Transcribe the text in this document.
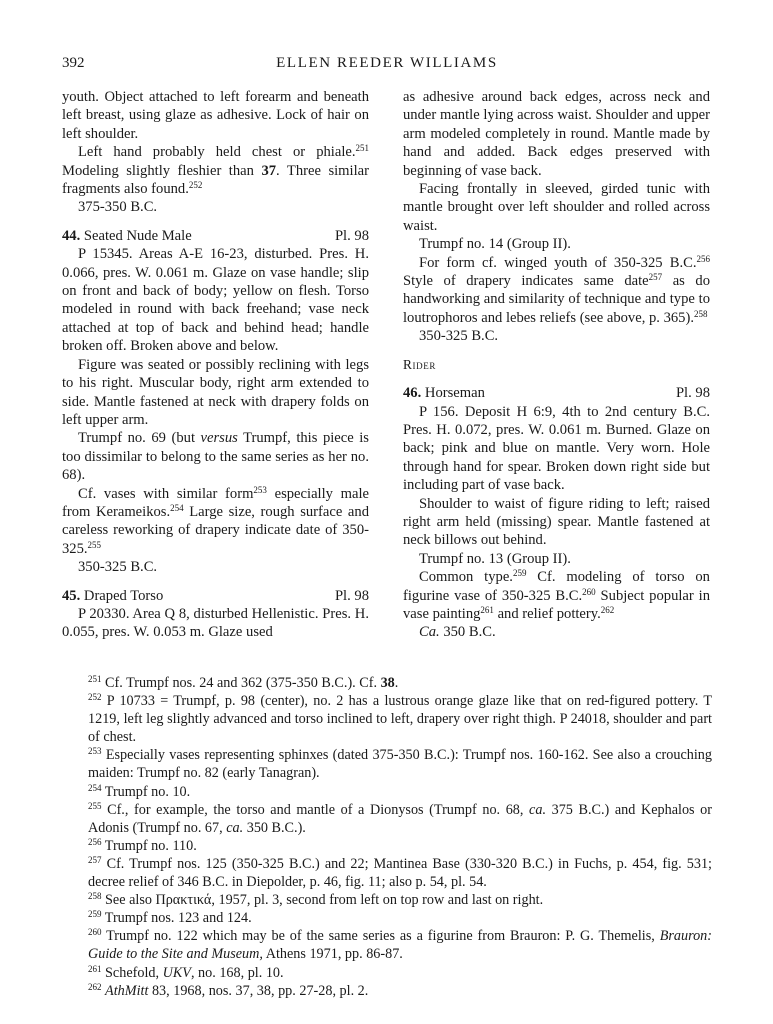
392	ELLEN REEDER WILLIAMS

youth. Object attached to left forearm and beneath left breast, using glaze as adhesive. Lock of hair on left shoulder.

Left hand probably held chest or phiale.$^{251}$ Modeling slightly fleshier than 37. Three similar fragments also found.$^{252}$

375-350 B.C.

44. Seated Nude Male	Pl. 98

P 15345. Areas A-E 16-23, disturbed. Pres. H. 0.066, pres. W. 0.061 m. Glaze on vase handle; slip on front and back of body; yellow on flesh. Torso modeled in round with back freehand; vase neck attached at top of back and behind head; handle broken off. Broken above and below.

Figure was seated or possibly reclining with legs to his right. Muscular body, right arm extended to side. Mantle fastened at neck with drapery folds on left upper arm.

Trumpf no. 69 (but versus Trumpf, this piece is too dissimilar to belong to the same series as her no. 68).

Cf. vases with similar form$^{253}$ especially male from Kerameikos.$^{254}$ Large size, rough surface and careless reworking of drapery indicate date of 350-325.$^{255}$

350-325 B.C.

45. Draped Torso	Pl. 98

P 20330. Area Q 8, disturbed Hellenistic. Pres. H. 0.055, pres. W. 0.053 m. Glaze used

as adhesive around back edges, across neck and under mantle lying across waist. Shoulder and upper arm modeled completely in round. Mantle made by hand and added. Back edges preserved with beginning of vase back.

Facing frontally in sleeved, girded tunic with mantle brought over left shoulder and rolled across waist.

Trumpf no. 14 (Group II).

For form cf. winged youth of 350-325 B.C.$^{256}$ Style of drapery indicates same date$^{257}$ as do handworking and similarity of technique and type to loutrophoros and lebes reliefs (see above, p. 365).$^{258}$

350-325 B.C.

Rider

46. Horseman	Pl. 98

P 156. Deposit H 6:9, 4th to 2nd century B.C. Pres. H. 0.072, pres. W. 0.061 m. Burned. Glaze on back; pink and blue on mantle. Very worn. Hole through hand for spear. Broken down right side but including part of vase back.

Shoulder to waist of figure riding to left; raised right arm held (missing) spear. Mantle fastened at neck billows out behind.

Trumpf no. 13 (Group II).

Common type.$^{259}$ Cf. modeling of torso on figurine vase of 350-325 B.C.$^{260}$ Subject popular in vase painting$^{261}$ and relief pottery.$^{262}$

Ca. 350 B.C.

$^{251}$ Cf. Trumpf nos. 24 and 362 (375-350 B.C.). Cf. 38.

$^{252}$ P 10733 = Trumpf, p. 98 (center), no. 2 has a lustrous orange glaze like that on red-figured pottery. T 1219, left leg slightly advanced and torso inclined to left, drapery over right thigh. P 24018, shoulder and part of chest.

$^{253}$ Especially vases representing sphinxes (dated 375-350 B.C.): Trumpf nos. 160-162. See also a crouching maiden: Trumpf no. 82 (early Tanagran).

$^{254}$ Trumpf no. 10.

$^{255}$ Cf., for example, the torso and mantle of a Dionysos (Trumpf no. 68, ca. 375 B.C.) and Kephalos or Adonis (Trumpf no. 67, ca. 350 B.C.).

$^{256}$ Trumpf no. 110.

$^{257}$ Cf. Trumpf nos. 125 (350-325 B.C.) and 22; Mantinea Base (330-320 B.C.) in Fuchs, p. 454, fig. 531; decree relief of 346 B.C. in Diepolder, p. 46, fig. 11; also p. 54, pl. 54.

$^{258}$ See also Πρακτικά, 1957, pl. 3, second from left on top row and last on right.

$^{259}$ Trumpf nos. 123 and 124.

$^{260}$ Trumpf no. 122 which may be of the same series as a figurine from Brauron: P. G. Themelis, Brauron: Guide to the Site and Museum, Athens 1971, pp. 86-87.

$^{261}$ Schefold, UKV, no. 168, pl. 10.

$^{262}$ AthMitt 83, 1968, nos. 37, 38, pp. 27-28, pl. 2.
